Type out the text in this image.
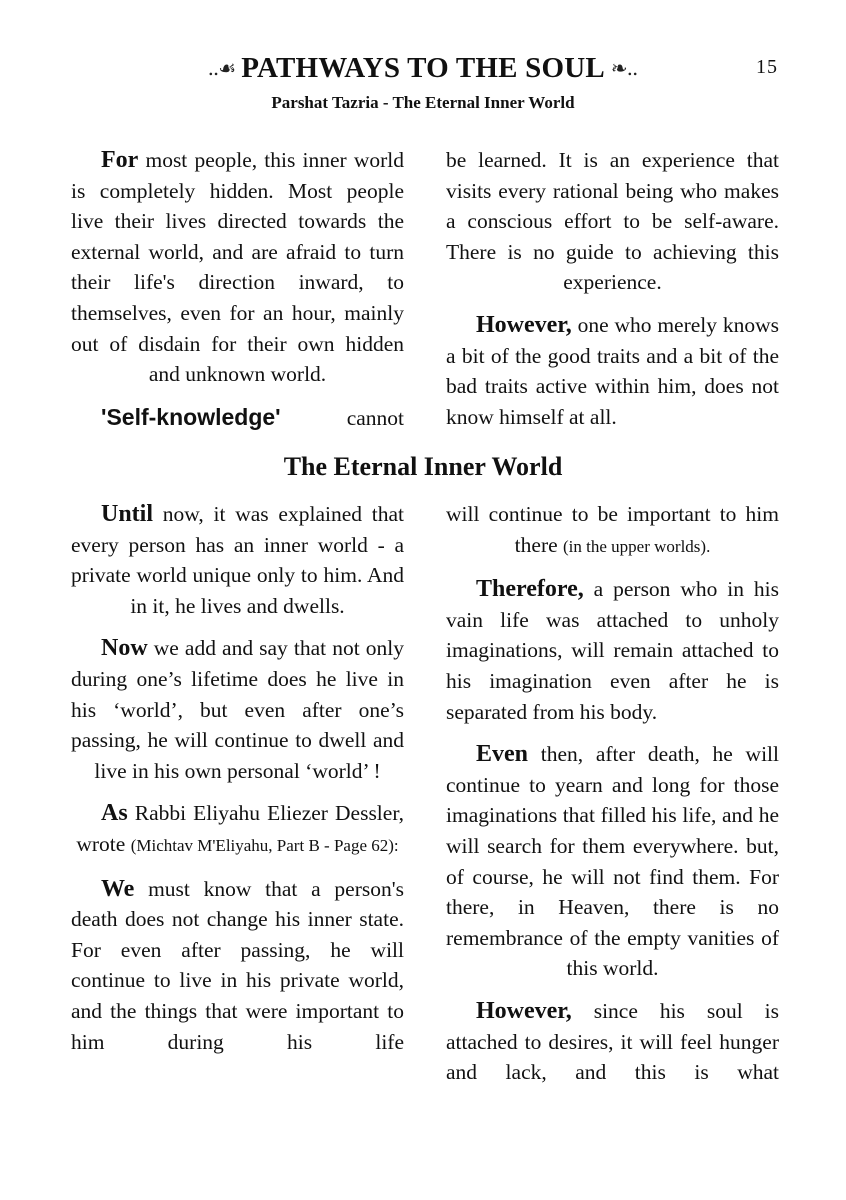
..☙ PATHWAYS TO THE SOUL ❧..	15
Parshat Tazria - The Eternal Inner World

For most people, this inner world is completely hidden. Most people live their lives directed towards the external world, and are afraid to turn their life's direction inward, to themselves, even for an hour, mainly out of disdain for their own hidden and unknown world.

'Self-knowledge' cannot

be learned. It is an experience that visits every rational being who makes a conscious effort to be self-aware. There is no guide to achieving this experience.

However, one who merely knows a bit of the good traits and a bit of the bad traits active within him, does not know himself at all.

The Eternal Inner World

Until now, it was explained that every person has an inner world - a private world unique only to him. And in it, he lives and dwells.

Now we add and say that not only during one’s lifetime does he live in his ‘world’, but even after one’s passing, he will continue to dwell and live in his own personal ‘world’ !

As Rabbi Eliyahu Eliezer Dessler, wrote (Michtav M'Eliyahu, Part B - Page 62):

We must know that a person's death does not change his inner state. For even after passing, he will continue to live in his private world, and the things that were important to him during his life

will continue to be important to him there (in the upper worlds).

Therefore, a person who in his vain life was attached to unholy imaginations, will remain attached to his imagination even after he is separated from his body.

Even then, after death, he will continue to yearn and long for those imaginations that filled his life, and he will search for them everywhere. but, of course, he will not find them. For there, in Heaven, there is no remembrance of the empty vanities of this world.

However, since his soul is attached to desires, it will feel hunger and lack, and this is what
